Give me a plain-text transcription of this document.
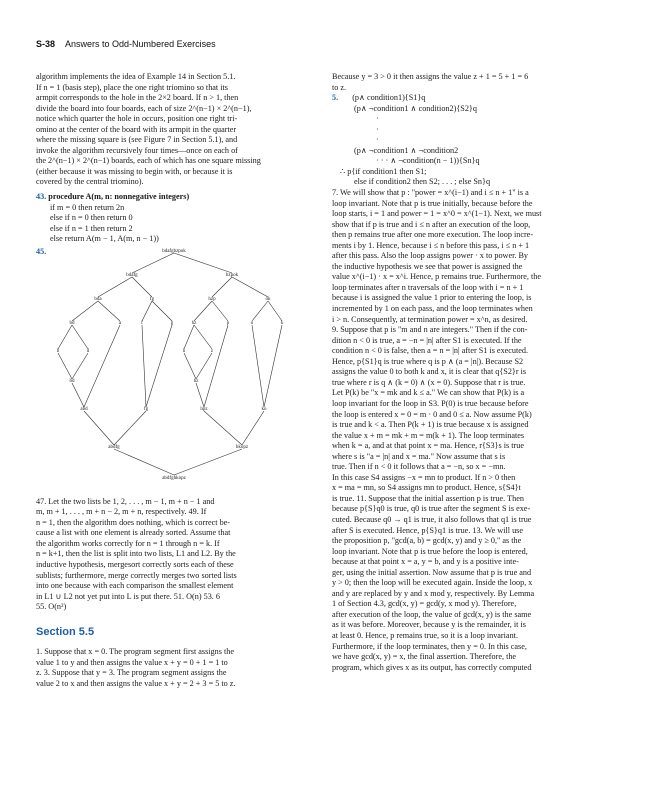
S-38 Answers to Odd-Numbered Exercises
algorithm implements the idea of Example 14 in Section 5.1.
If n = 1 (basis step), place the one right triomino so that its
armpit corresponds to the hole in the 2×2 board. If n > 1, then
divide the board into four boards, each of size 2^(n−1) × 2^(n−1),
notice which quarter the hole in occurs, position one right tri-
omino at the center of the board with its armpit in the quarter
where the missing square is (see Figure 7 in Section 5.1), and
invoke the algorithm recursively four times—once on each of
the 2^(n−1) × 2^(n−1) boards, each of which has one square missing
(either because it was missing to begin with, or because it is
covered by the central triomino).
43. procedure A(m, n: nonnegative integers)
if m = 0 then return 2n
else if n = 0 then return 0
else if n = 1 then return 2
else return A(m − 1, A(m, n − 1))
45.	bdafgbzpok
bdafg	hzpok
bda	fg	hzp	ok
bd	a	f	g	hz	p	o	k
b	d	h	z
bd	hz
abd	fg	hpz	ko
abdfg	hkopz
abdfghkopz
47. Let the two lists be 1, 2, . . . , m − 1, m + n − 1 and
m, m + 1, . . . , m + n − 2, m + n, respectively. 49. If
n = 1, then the algorithm does nothing, which is correct be-
cause a list with one element is already sorted. Assume that
the algorithm works correctly for n = 1 through n = k. If
n = k+1, then the list is split into two lists, L1 and L2. By the
inductive hypothesis, mergesort correctly sorts each of these
sublists; furthermore, merge correctly merges two sorted lists
into one because with each comparison the smallest element
in L1 ∪ L2 not yet put into L is put there. 51. O(n) 53. 6
55. O(n²)
Section 5.5
1. Suppose that x = 0. The program segment first assigns the
value 1 to y and then assigns the value x + y = 0 + 1 = 1 to
z. 3. Suppose that y = 3. The program segment assigns the
value 2 to x and then assigns the value x + y = 2 + 3 = 5 to z.
Because y = 3 > 0 it then assigns the value z + 1 = 5 + 1 = 6
to z.
5. (p∧ condition1){S1}q
(p∧ ¬condition1 ∧ condition2){S2}q
·
·
·
(p∧ ¬condition1 ∧ ¬condition2
· · · ∧ ¬condition(n − 1)){Sn}q
∴ p{if condition1 then S1;
else if condition2 then S2; . . . ; else Sn}q
7. We will show that p : "power = x^(i−1) and i ≤ n + 1" is a
loop invariant. Note that p is true initially, because before the
loop starts, i = 1 and power = 1 = x^0 = x^(1−1). Next, we must
show that if p is true and i ≤ n after an execution of the loop,
then p remains true after one more execution. The loop incre-
ments i by 1. Hence, because i ≤ n before this pass, i ≤ n + 1
after this pass. Also the loop assigns power · x to power. By
the inductive hypothesis we see that power is assigned the
value x^(i−1) · x = x^i. Hence, p remains true. Furthermore, the
loop terminates after n traversals of the loop with i = n + 1
because i is assigned the value 1 prior to entering the loop, is
incremented by 1 on each pass, and the loop terminates when
i > n. Consequently, at termination power = x^n, as desired.
9. Suppose that p is "m and n are integers." Then if the con-
dition n < 0 is true, a = −n = |n| after S1 is executed. If the
condition n < 0 is false, then a = n = |n| after S1 is executed.
Hence, p{S1}q is true where q is p ∧ (a = |n|). Because S2
assigns the value 0 to both k and x, it is clear that q{S2}r is
true where r is q ∧ (k = 0) ∧ (x = 0). Suppose that r is true.
Let P(k) be "x = mk and k ≤ a." We can show that P(k) is a
loop invariant for the loop in S3. P(0) is true because before
the loop is entered x = 0 = m · 0 and 0 ≤ a. Now assume P(k)
is true and k < a. Then P(k + 1) is true because x is assigned
the value x + m = mk + m = m(k + 1). The loop terminates
when k = a, and at that point x = ma. Hence, r{S3}s is true
where s is "a = |n| and x = ma." Now assume that s is
true. Then if n < 0 it follows that a = −n, so x = −mn.
In this case S4 assigns −x = mn to product. If n > 0 then
x = ma = mn, so S4 assigns mn to product. Hence, s{S4}t
is true. 11. Suppose that the initial assertion p is true. Then
because p{S}q0 is true, q0 is true after the segment S is exe-
cuted. Because q0 → q1 is true, it also follows that q1 is true
after S is executed. Hence, p{S}q1 is true. 13. We will use
the proposition p, "gcd(a, b) = gcd(x, y) and y ≥ 0," as the
loop invariant. Note that p is true before the loop is entered,
because at that point x = a, y = b, and y is a positive inte-
ger, using the initial assertion. Now assume that p is true and
y > 0; then the loop will be executed again. Inside the loop, x
and y are replaced by y and x mod y, respectively. By Lemma
1 of Section 4.3, gcd(x, y) = gcd(y, x mod y). Therefore,
after execution of the loop, the value of gcd(x, y) is the same
as it was before. Moreover, because y is the remainder, it is
at least 0. Hence, p remains true, so it is a loop invariant.
Furthermore, if the loop terminates, then y = 0. In this case,
we have gcd(x, y) = x, the final assertion. Therefore, the
program, which gives x as its output, has correctly computed
